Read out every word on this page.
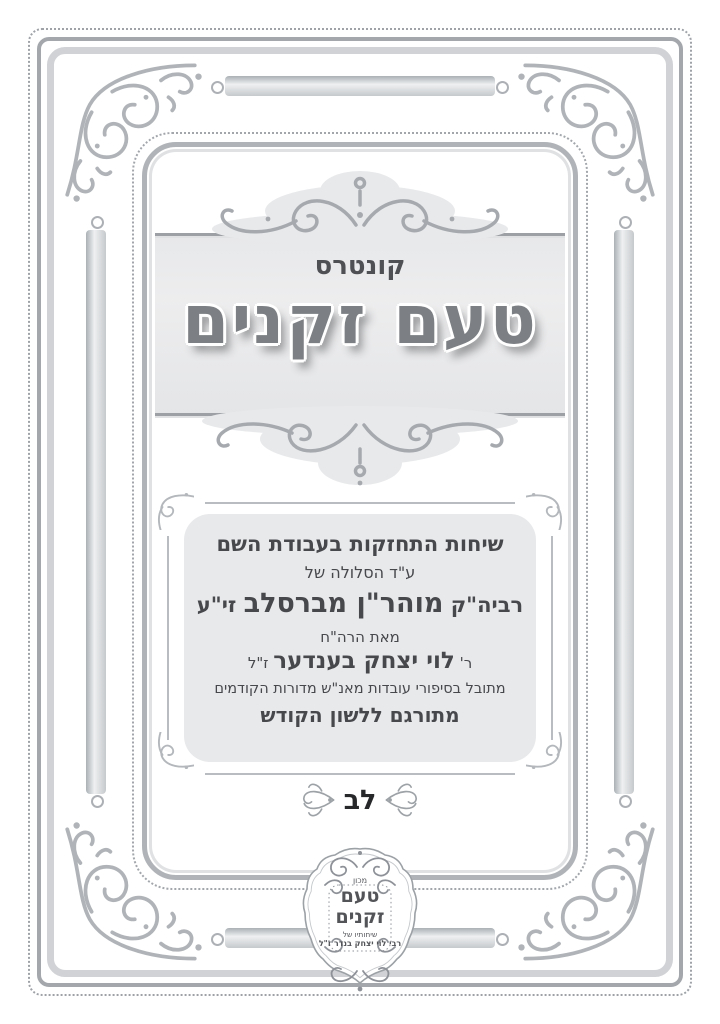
קונטרס
טעם זקנים
שיחות התחזקות בעבודת השם
ע"ד הסלולה של
רביה"ק מוהר"ן מברסלב זי"ע
מאת הרה"ח
ר' לוי יצחק בענדער ז"ל
מתובל בסיפורי עובדות מאנ"ש מדורות הקודמים
מתורגם ללשון הקודש
לב
מכון
טעם
זקנים
שיחותיו של
רבי לוי יצחק בנדר ז"ל
